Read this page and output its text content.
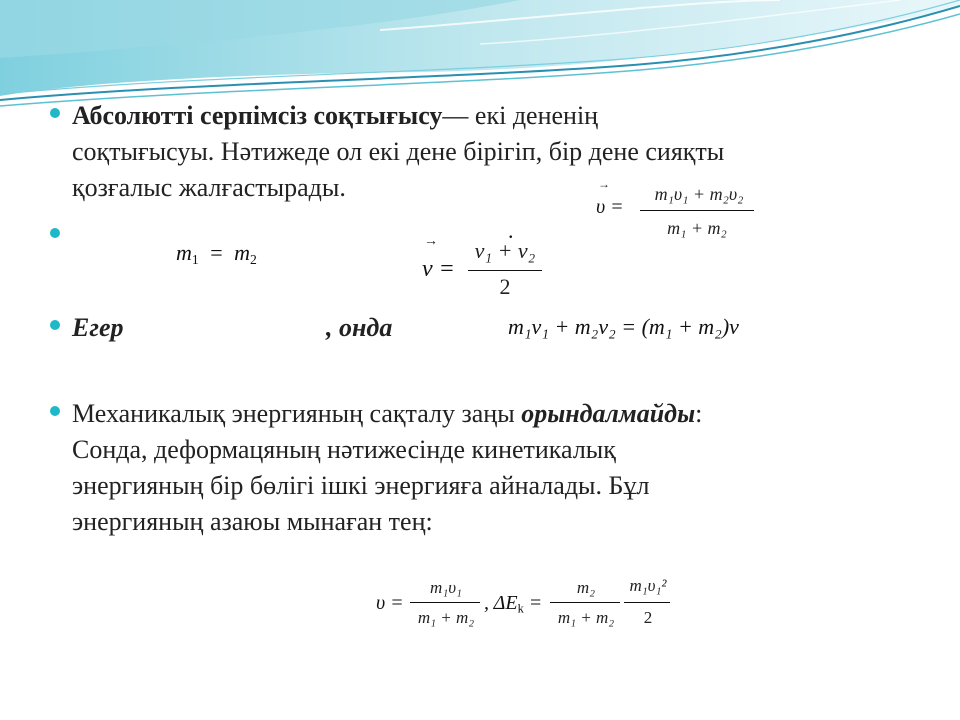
Абсолютті серпімсіз соқтығысу— екі дененің
соқтығысуы. Нәтижеде ол екі дене бірігіп, бір дене сияқты
қозғалыс жалғастырады.	→
υ =
m₁υ₁ + m₂υ₂
m₁ + m₂
$m_1 = m_2$
.
→
v =
v₁ + v₂
2
Егер	, онда	m₁v₁ + m₂v₂ = (m₁ + m₂)v
Механикалық энергияның сақталу заңы орындалмайды:
Сонда, деформацяның нәтижесінде кинетикалық
энергияның бір бөлігі ішкі энергияға айналады. Бұл
энергияның азаюы мынаған тең:
υ =
m₁υ₁
m₁ + m₂
, $\Delta E_k$ =
m₂
m₁ + m₂
m₁υ₁²
2
